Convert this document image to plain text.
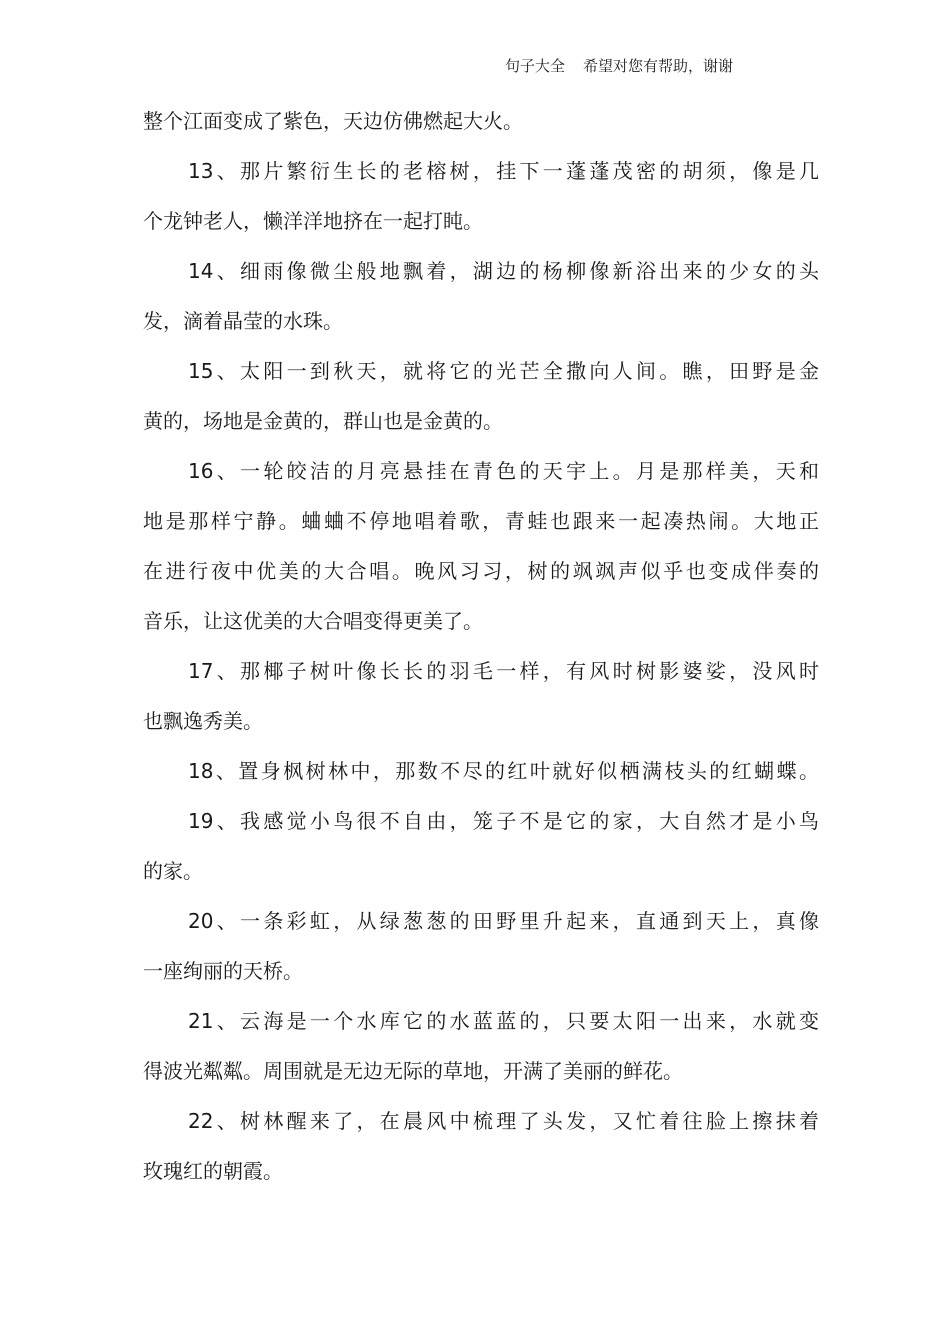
句子大全 希望对您有帮助，谢谢
整个江面变成了紫色，天边仿佛燃起大火。
13、那片繁衍生长的老榕树，挂下一蓬蓬茂密的胡须，像是几
个龙钟老人，懒洋洋地挤在一起打盹。
14、细雨像微尘般地飘着，湖边的杨柳像新浴出来的少女的头
发，滴着晶莹的水珠。
15、太阳一到秋天，就将它的光芒全撒向人间。瞧，田野是金
黄的，场地是金黄的，群山也是金黄的。
16、一轮皎洁的月亮悬挂在青色的天宇上。月是那样美，天和
地是那样宁静。蛐蛐不停地唱着歌，青蛙也跟来一起凑热闹。大地正
在进行夜中优美的大合唱。晚风习习，树的飒飒声似乎也变成伴奏的
音乐，让这优美的大合唱变得更美了。
17、那椰子树叶像长长的羽毛一样，有风时树影婆娑，没风时
也飘逸秀美。
18、置身枫树林中，那数不尽的红叶就好似栖满枝头的红蝴蝶。
19、我感觉小鸟很不自由，笼子不是它的家，大自然才是小鸟
的家。
20、一条彩虹，从绿葱葱的田野里升起来，直通到天上，真像
一座绚丽的天桥。
21、云海是一个水库它的水蓝蓝的，只要太阳一出来，水就变
得波光粼粼。周围就是无边无际的草地，开满了美丽的鲜花。
22、树林醒来了，在晨风中梳理了头发，又忙着往脸上擦抹着
玫瑰红的朝霞。
